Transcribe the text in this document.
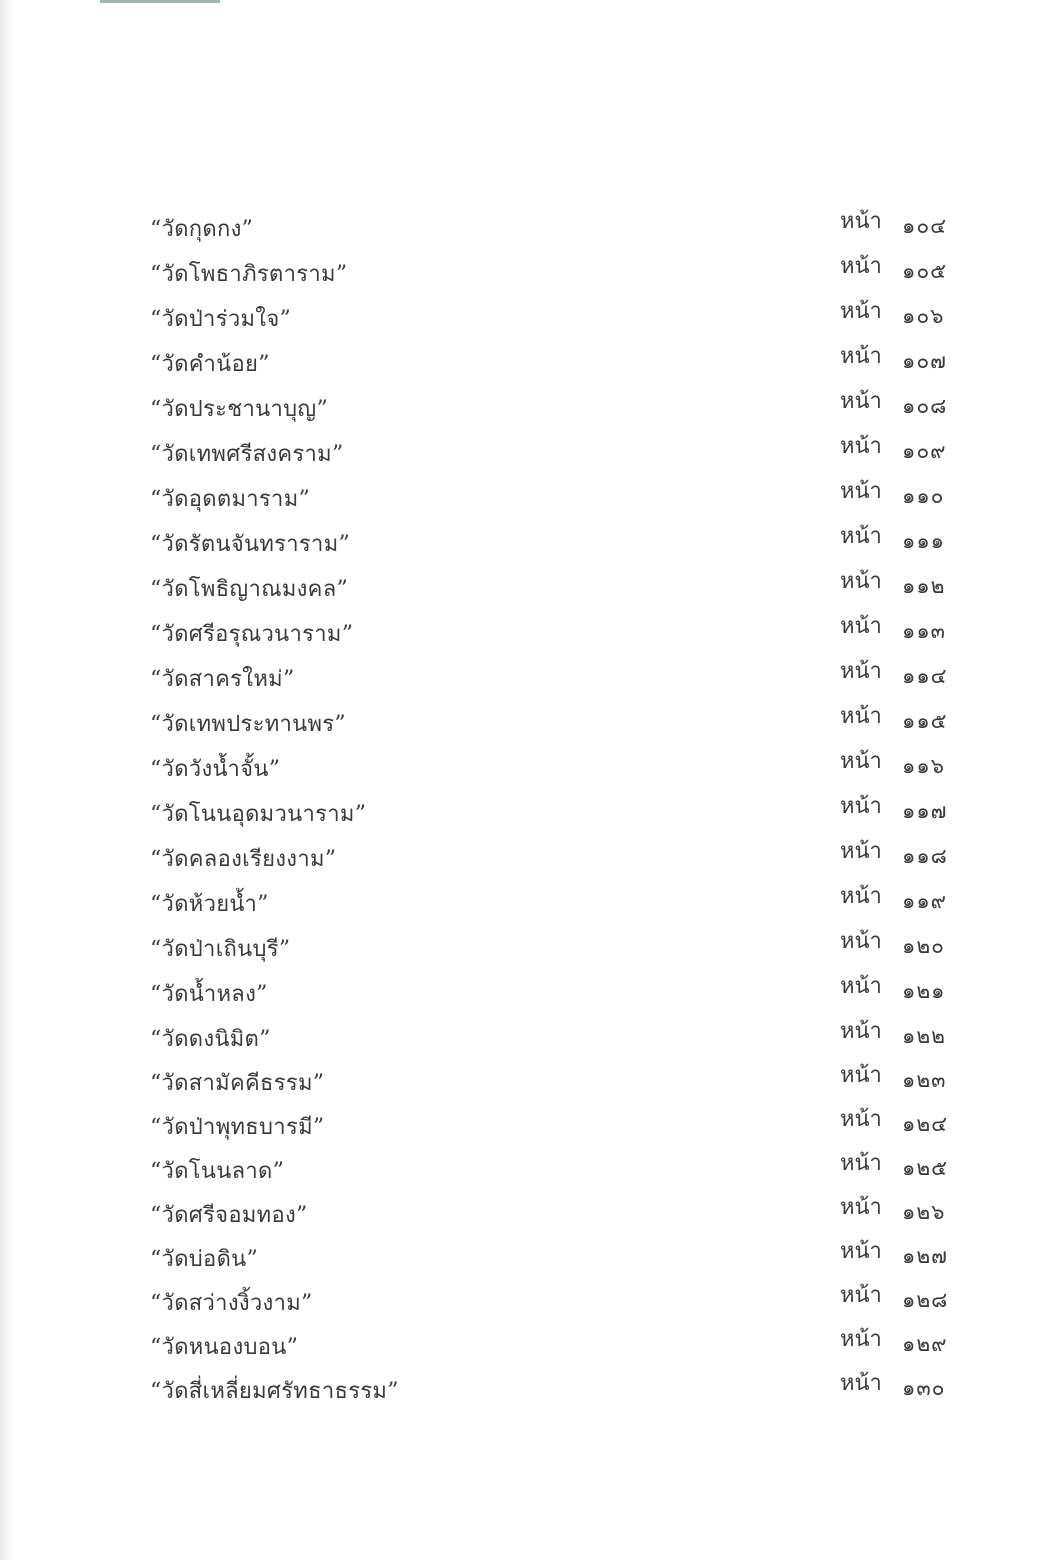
“วัดกุดกง”	หน้า ๑๐๔
“วัดโพธาภิรตาราม”	หน้า ๑๐๕
“วัดป่าร่วมใจ”	หน้า ๑๐๖
“วัดคำน้อย”	หน้า ๑๐๗
“วัดประชานาบุญ”	หน้า ๑๐๘
“วัดเทพศรีสงคราม”	หน้า ๑๐๙
“วัดอุดตมาราม”	หน้า ๑๑๐
“วัดรัตนจันทราราม”	หน้า ๑๑๑
“วัดโพธิญาณมงคล”	หน้า ๑๑๒
“วัดศรีอรุณวนาราม”	หน้า ๑๑๓
“วัดสาครใหม่”	หน้า ๑๑๔
“วัดเทพประทานพร”	หน้า ๑๑๕
“วัดวังน้ำจั้น”	หน้า ๑๑๖
“วัดโนนอุดมวนาราม”	หน้า ๑๑๗
“วัดคลองเรียงงาม”	หน้า ๑๑๘
“วัดห้วยน้ำ”	หน้า ๑๑๙
“วัดป่าเถินบุรี”	หน้า ๑๒๐
“วัดน้ำหลง”	หน้า ๑๒๑
“วัดดงนิมิต”	หน้า ๑๒๒
“วัดสามัคคีธรรม”	หน้า ๑๒๓
“วัดป่าพุทธบารมี”	หน้า ๑๒๔
“วัดโนนลาด”	หน้า ๑๒๕
“วัดศรีจอมทอง”	หน้า ๑๒๖
“วัดบ่อดิน”	หน้า ๑๒๗
“วัดสว่างงิ้วงาม”	หน้า ๑๒๘
“วัดหนองบอน”	หน้า ๑๒๙
“วัดสี่เหลี่ยมศรัทธาธรรม”	หน้า ๑๓๐
